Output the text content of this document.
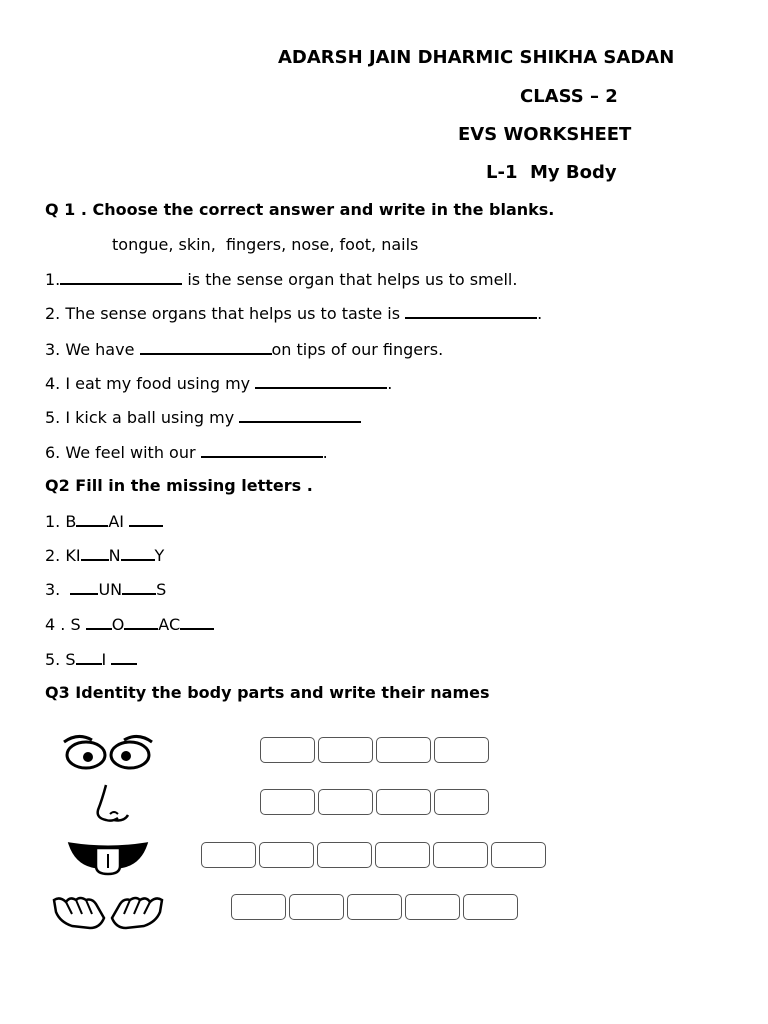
ADARSH JAIN DHARMIC SHIKHA SADAN
CLASS – 2
EVS WORKSHEET
L-1  My Body
Q 1 . Choose the correct answer and write in the blanks.
tongue, skin,  fingers, nose, foot, nails
1.	is the sense organ that helps us to smell.
2. The sense organs that helps us to taste is	.
3. We have	on tips of our fingers.
4. I eat my food using my	.
5. I kick a ball using my
6. We feel with our	.
Q2 Fill in the missing letters .
1. B AI
2. KI N Y
3.  UN S
4 . S O AC
5. S I
Q3 Identity the body parts and write their names
